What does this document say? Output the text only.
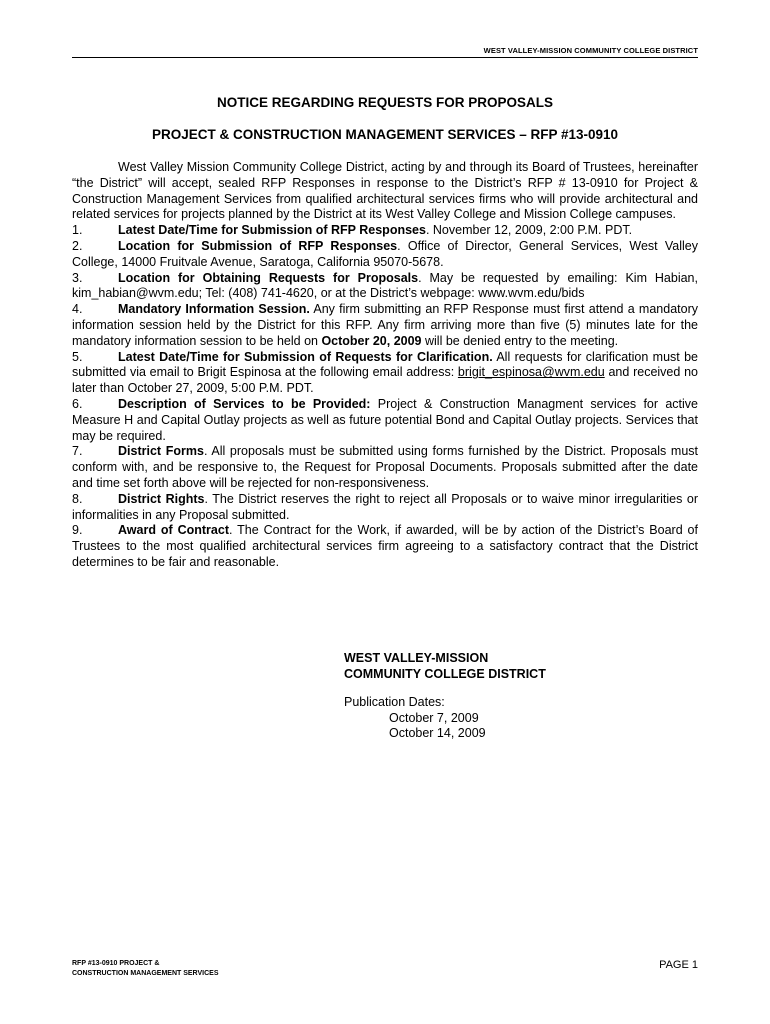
WEST VALLEY-MISSION COMMUNITY COLLEGE DISTRICT
NOTICE REGARDING REQUESTS FOR PROPOSALS
PROJECT & CONSTRUCTION MANAGEMENT SERVICES – RFP #13-0910

West Valley Mission Community College District, acting by and through its Board of Trustees, hereinafter “the District” will accept, sealed RFP Responses in response to the District’s RFP # 13-0910 for Project & Construction Management Services from qualified architectural services firms who will provide architectural and related services for projects planned by the District at its West Valley College and Mission College campuses.

1.	Latest Date/Time for Submission of RFP Responses. November 12, 2009, 2:00 P.M. PDT.

2.	Location for Submission of RFP Responses. Office of Director, General Services, West Valley College, 14000 Fruitvale Avenue, Saratoga, California 95070-5678.

3.	Location for Obtaining Requests for Proposals. May be requested by emailing: Kim Habian, kim_habian@wvm.edu; Tel: (408) 741-4620, or at the District’s webpage: www.wvm.edu/bids

4.	Mandatory Information Session. Any firm submitting an RFP Response must first attend a mandatory information session held by the District for this RFP. Any firm arriving more than five (5) minutes late for the mandatory information session to be held on October 20, 2009 will be denied entry to the meeting.

5.	Latest Date/Time for Submission of Requests for Clarification. All requests for clarification must be submitted via email to Brigit Espinosa at the following email address: brigit_espinosa@wvm.edu and received no later than October 27, 2009, 5:00 P.M. PDT.

6.	Description of Services to be Provided: Project & Construction Managment services for active Measure H and Capital Outlay projects as well as future potential Bond and Capital Outlay projects. Services that may be required.

7.	District Forms. All proposals must be submitted using forms furnished by the District. Proposals must conform with, and be responsive to, the Request for Proposal Documents. Proposals submitted after the date and time set forth above will be rejected for non-responsiveness.

8.	District Rights. The District reserves the right to reject all Proposals or to waive minor irregularities or informalities in any Proposal submitted.

9.	Award of Contract. The Contract for the Work, if awarded, will be by action of the District’s Board of Trustees to the most qualified architectural services firm agreeing to a satisfactory contract that the District determines to be fair and reasonable.

WEST VALLEY-MISSION
COMMUNITY COLLEGE DISTRICT
Publication Dates:
October 7, 2009
October 14, 2009
RFP #13-0910 PROJECT &
CONSTRUCTION MANAGEMENT SERVICES
PAGE 1
